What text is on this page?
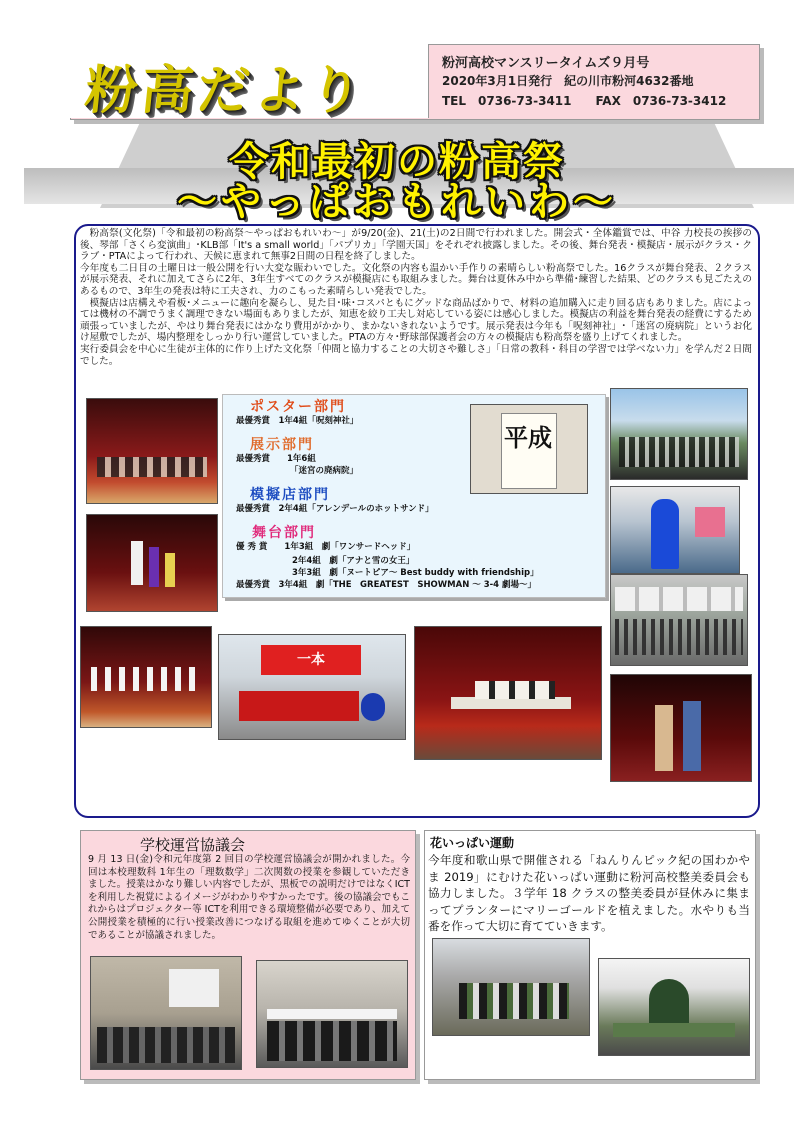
粉高だより	粉河高校マンスリータイムズ９月号
2020年3月1日発行　紀の川市粉河4632番地
TEL　0736-73-3411　　FAX　0736-73-3412
令和最初の粉高祭
～やっぱおもれいわ～

粉高祭(文化祭)「令和最初の粉高祭～やっぱおもれいわ～」が9/20(金)、21(土)の2日間で行われました。開会式・全体鑑賞では、中谷 力校長の挨拶の後、琴部「さくら変演曲」･KLB部「It's a small world」「パプリカ」「学園天国」をそれぞれ披露しました。その後、舞台発表・模擬店・展示がクラス・クラブ・PTAによって行われ、天候に恵まれて無事2日間の日程を終了しました。

今年度も二日目の土曜日は一般公開を行い大変な賑わいでした。文化祭の内容も温かい手作りの素晴らしい粉高祭でした。16クラスが舞台発表、２クラスが展示発表、それに加えてさらに2年、3年生すべてのクラスが模擬店にも取組みました。舞台は夏休み中から準備･練習した結果、どのクラスも見ごたえのあるもので、3年生の発表は特に工夫され、力のこもった素晴らしい発表でした。

模擬店は店構えや看板･メニューに趣向を凝らし、見た目･味･コスパともにグッドな商品ばかりで、材料の追加購入に走り回る店もありました。店によっては機材の不調でうまく調理できない場面もありましたが、知恵を絞り工夫し対応している姿には感心しました。模擬店の利益を舞台発表の経費にするため頑張っていましたが、やはり舞台発表にはかなり費用がかかり、まかないきれないようです。展示発表は今年も「呪刻神社」･「迷宮の廃病院」というお化け屋敷でしたが、場内整理をしっかり行い運営していました。PTAの方々･野球部保護者会の方々の模擬店も粉高祭を盛り上げてくれました。

実行委員会を中心に生徒が主体的に作り上げた文化祭「仲間と協力することの大切さや難しさ」「日常の教科・科目の学習では学べない力」を学んだ２日間でした。

ポスター部門
最優秀賞　1年4組「呪刻神社」
展示部門
最優秀賞　　1年6組
「迷宮の廃病院」
模擬店部門
最優秀賞　2年4組「アレンデールのホットサンド」
舞台部門
優 秀 賞　　1年3組　劇「ワンサードヘッド」
2年4組　劇「アナと雪の女王」
3年3組　劇「ヌートピア～ Best buddy with friendship」
最優秀賞　3年4組　劇「THE　GREATEST　SHOWMAN ～ 3-4 劇場～」
平成
一本
学校運営協議会
9 月 13 日(金)令和元年度第 2 回目の学校運営協議会が開かれました。今回は本校理数科 1年生の「理数数学」二次関数の授業を参観していただきました。授業はかなり難しい内容でしたが、黒板での説明だけではなくICTを利用した視覚によるイメージがわかりやすかったです。後の協議会でもこれからはプロジェクター等 ICTを利用できる環境整備が必要であり、加えて公開授業を積極的に行い授業改善につなげる取組を進めてゆくことが大切であることが協議されました。
花いっぱい運動
今年度和歌山県で開催される「ねんりんピック紀の国わかやま 2019」にむけた花いっぱい運動に粉河高校整美委員会も協力しました。３学年 18 クラスの整美委員が昼休みに集まってプランターにマリーゴールドを植えました。水やりも当番を作って大切に育てていきます。
